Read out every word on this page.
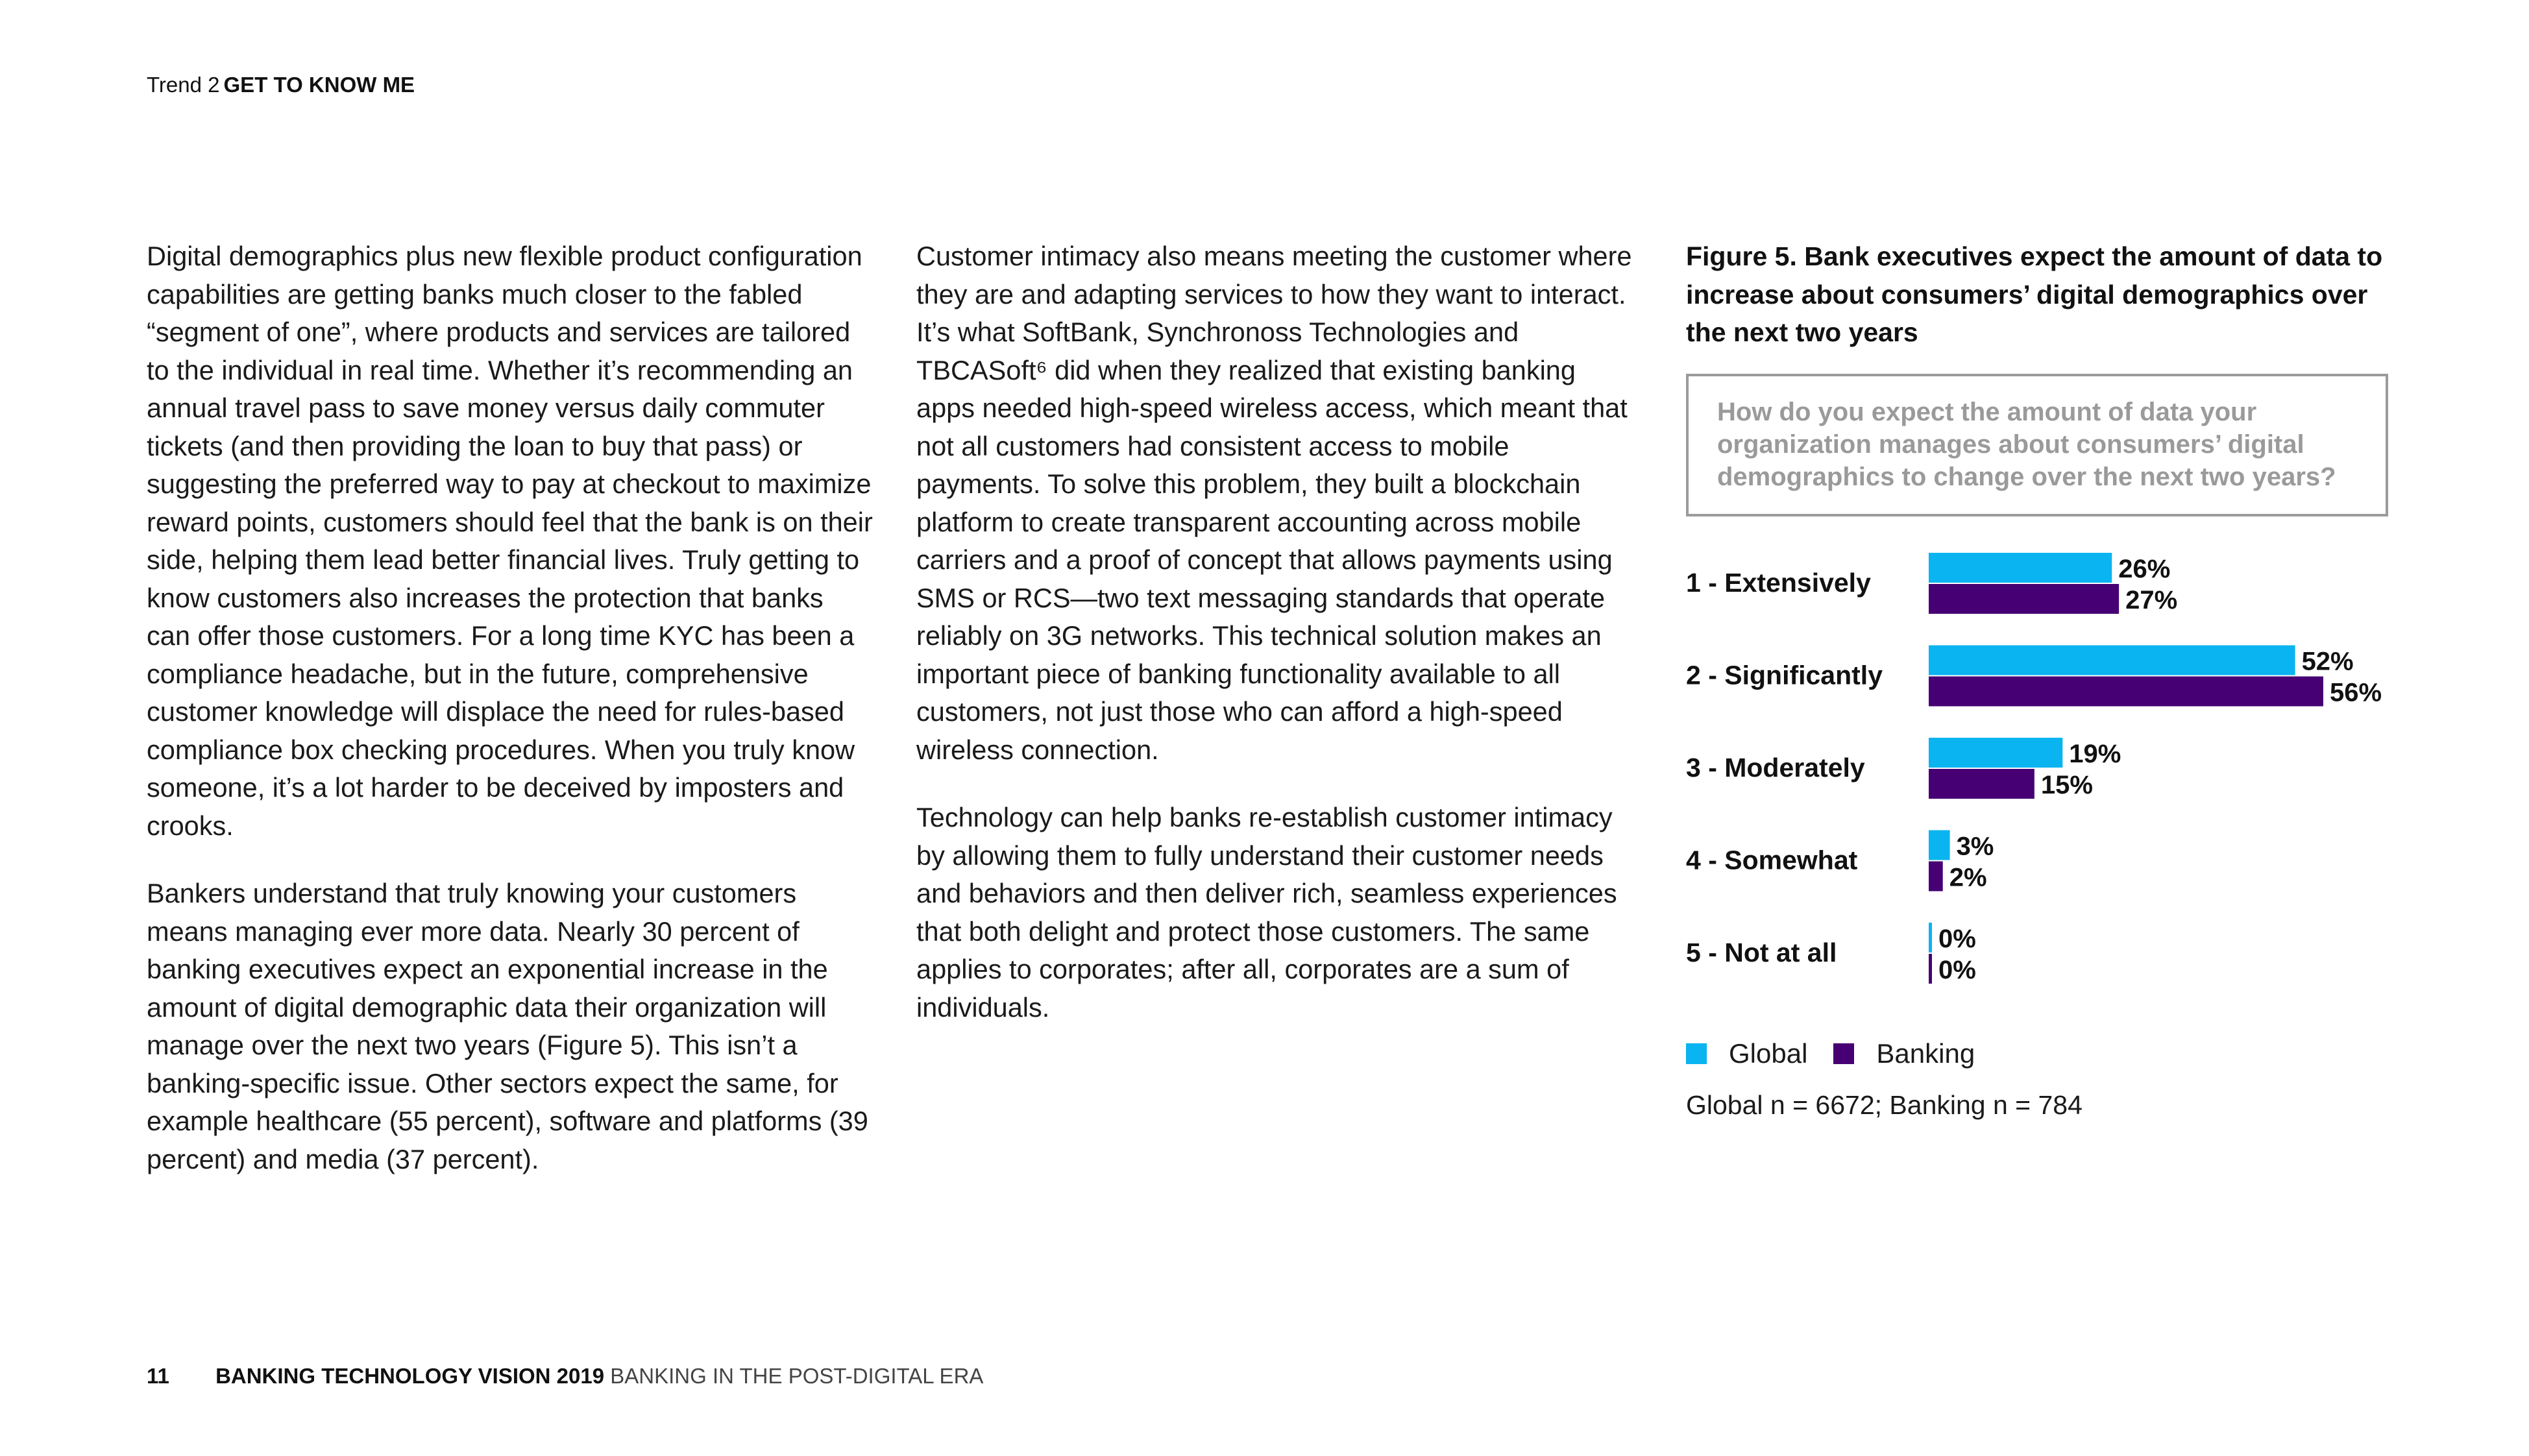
Trend 2 GET TO KNOW ME

Digital demographics plus new flexible product configuration capabilities are getting banks much closer to the fabled “segment of one”, where products and services are tailored to the individual in real time. Whether it’s recommending an annual travel pass to save money versus daily commuter tickets (and then providing the loan to buy that pass) or suggesting the preferred way to pay at checkout to maximize reward points, customers should feel that the bank is on their side, helping them lead better financial lives. Truly getting to know customers also increases the protection that banks can offer those customers. For a long time KYC has been a compliance headache, but in the future, comprehensive customer knowledge will displace the need for rules-based compliance box checking procedures. When you truly know someone, it’s a lot harder to be deceived by imposters and crooks.

Bankers understand that truly knowing your customers means managing ever more data. Nearly 30 percent of banking executives expect an exponential increase in the amount of digital demographic data their organization will manage over the next two years (Figure 5). This isn’t a banking-specific issue. Other sectors expect the same, for example healthcare (55 percent), software and platforms (39 percent) and media (37 percent).

Customer intimacy also means meeting the customer where they are and adapting services to how they want to interact. It’s what SoftBank, Synchronoss Technologies and TBCASoft⁶ did when they realized that existing banking apps needed high-speed wireless access, which meant that not all customers had consistent access to mobile payments. To solve this problem, they built a blockchain platform to create transparent accounting across mobile carriers and a proof of concept that allows payments using SMS or RCS—two text messaging standards that operate reliably on 3G networks. This technical solution makes an important piece of banking functionality available to all customers, not just those who can afford a high-speed wireless connection.

Technology can help banks re-establish customer intimacy by allowing them to fully understand their customer needs and behaviors and then deliver rich, seamless experiences that both delight and protect those customers. The same applies to corporates; after all, corporates are a sum of individuals.

Figure 5. Bank executives expect the amount of data to increase about consumers’ digital demographics over the next two years
How do you expect the amount of data your organization manages about consumers’ digital demographics to change over the next two years?
1 - Extensively	26%
27%
2 - Significantly	52%
56%
3 - Moderately	19%
15%
4 - Somewhat	3%
2%
5 - Not at all	0%
0%
Global	Banking
Global n = 6672; Banking n = 784
11 BANKING TECHNOLOGY VISION 2019 BANKING IN THE POST-DIGITAL ERA
